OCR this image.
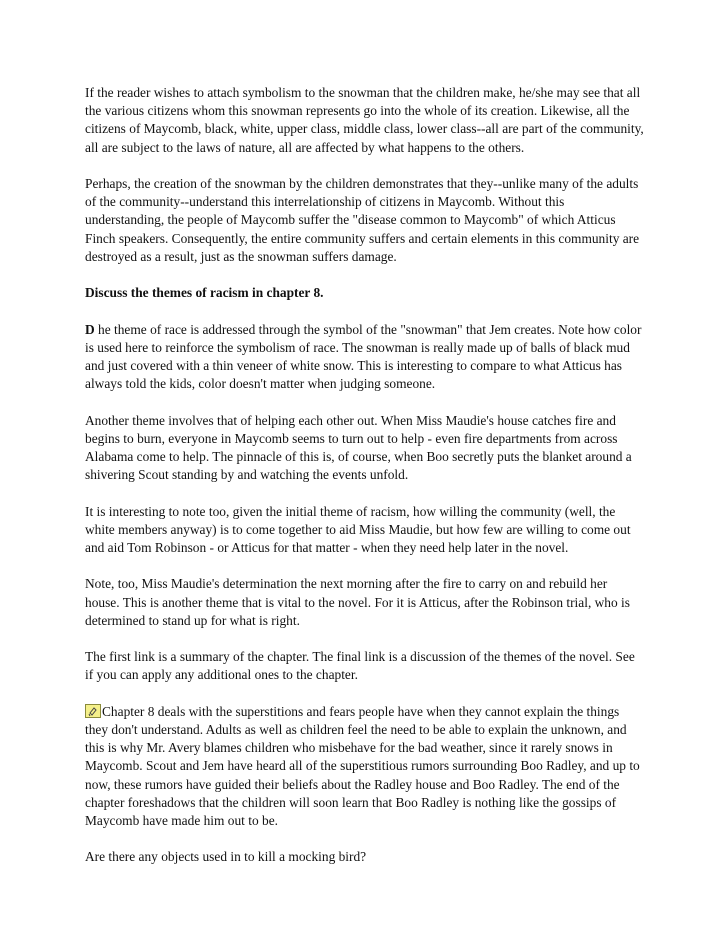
If the reader wishes to attach symbolism to the snowman that the children make, he/she may see that all the various citizens whom this snowman represents go into the whole of its creation. Likewise, all the citizens of Maycomb, black, white, upper class, middle class, lower class--all are part of the community, all are subject to the laws of nature, all are affected by what happens to the others.

Perhaps, the creation of the snowman by the children demonstrates that they--unlike many of the adults of the community--understand this interrelationship of citizens in Maycomb. Without this understanding, the people of Maycomb suffer the "disease common to Maycomb" of which Atticus Finch speakers. Consequently, the entire community suffers and certain elements in this community are destroyed as a result, just as the snowman suffers damage.

Discuss the themes of racism in chapter 8.

D he theme of race is addressed through the symbol of the "snowman" that Jem creates. Note how color is used here to reinforce the symbolism of race. The snowman is really made up of balls of black mud and just covered with a thin veneer of white snow. This is interesting to compare to what Atticus has always told the kids, color doesn't matter when judging someone.

Another theme involves that of helping each other out. When Miss Maudie's house catches fire and begins to burn, everyone in Maycomb seems to turn out to help - even fire departments from across Alabama come to help. The pinnacle of this is, of course, when Boo secretly puts the blanket around a shivering Scout standing by and watching the events unfold.

It is interesting to note too, given the initial theme of racism, how willing the community (well, the white members anyway) is to come together to aid Miss Maudie, but how few are willing to come out and aid Tom Robinson - or Atticus for that matter - when they need help later in the novel.

Note, too, Miss Maudie's determination the next morning after the fire to carry on and rebuild her house. This is another theme that is vital to the novel. For it is Atticus, after the Robinson trial, who is determined to stand up for what is right.

The first link is a summary of the chapter. The final link is a discussion of the themes of the novel. See if you can apply any additional ones to the chapter.

Chapter 8 deals with the superstitions and fears people have when they cannot explain the things they don't understand. Adults as well as children feel the need to be able to explain the unknown, and this is why Mr. Avery blames children who misbehave for the bad weather, since it rarely snows in Maycomb. Scout and Jem have heard all of the superstitious rumors surrounding Boo Radley, and up to now, these rumors have guided their beliefs about the Radley house and Boo Radley. The end of the chapter foreshadows that the children will soon learn that Boo Radley is nothing like the gossips of Maycomb have made him out to be.

Are there any objects used in to kill a mocking bird?
